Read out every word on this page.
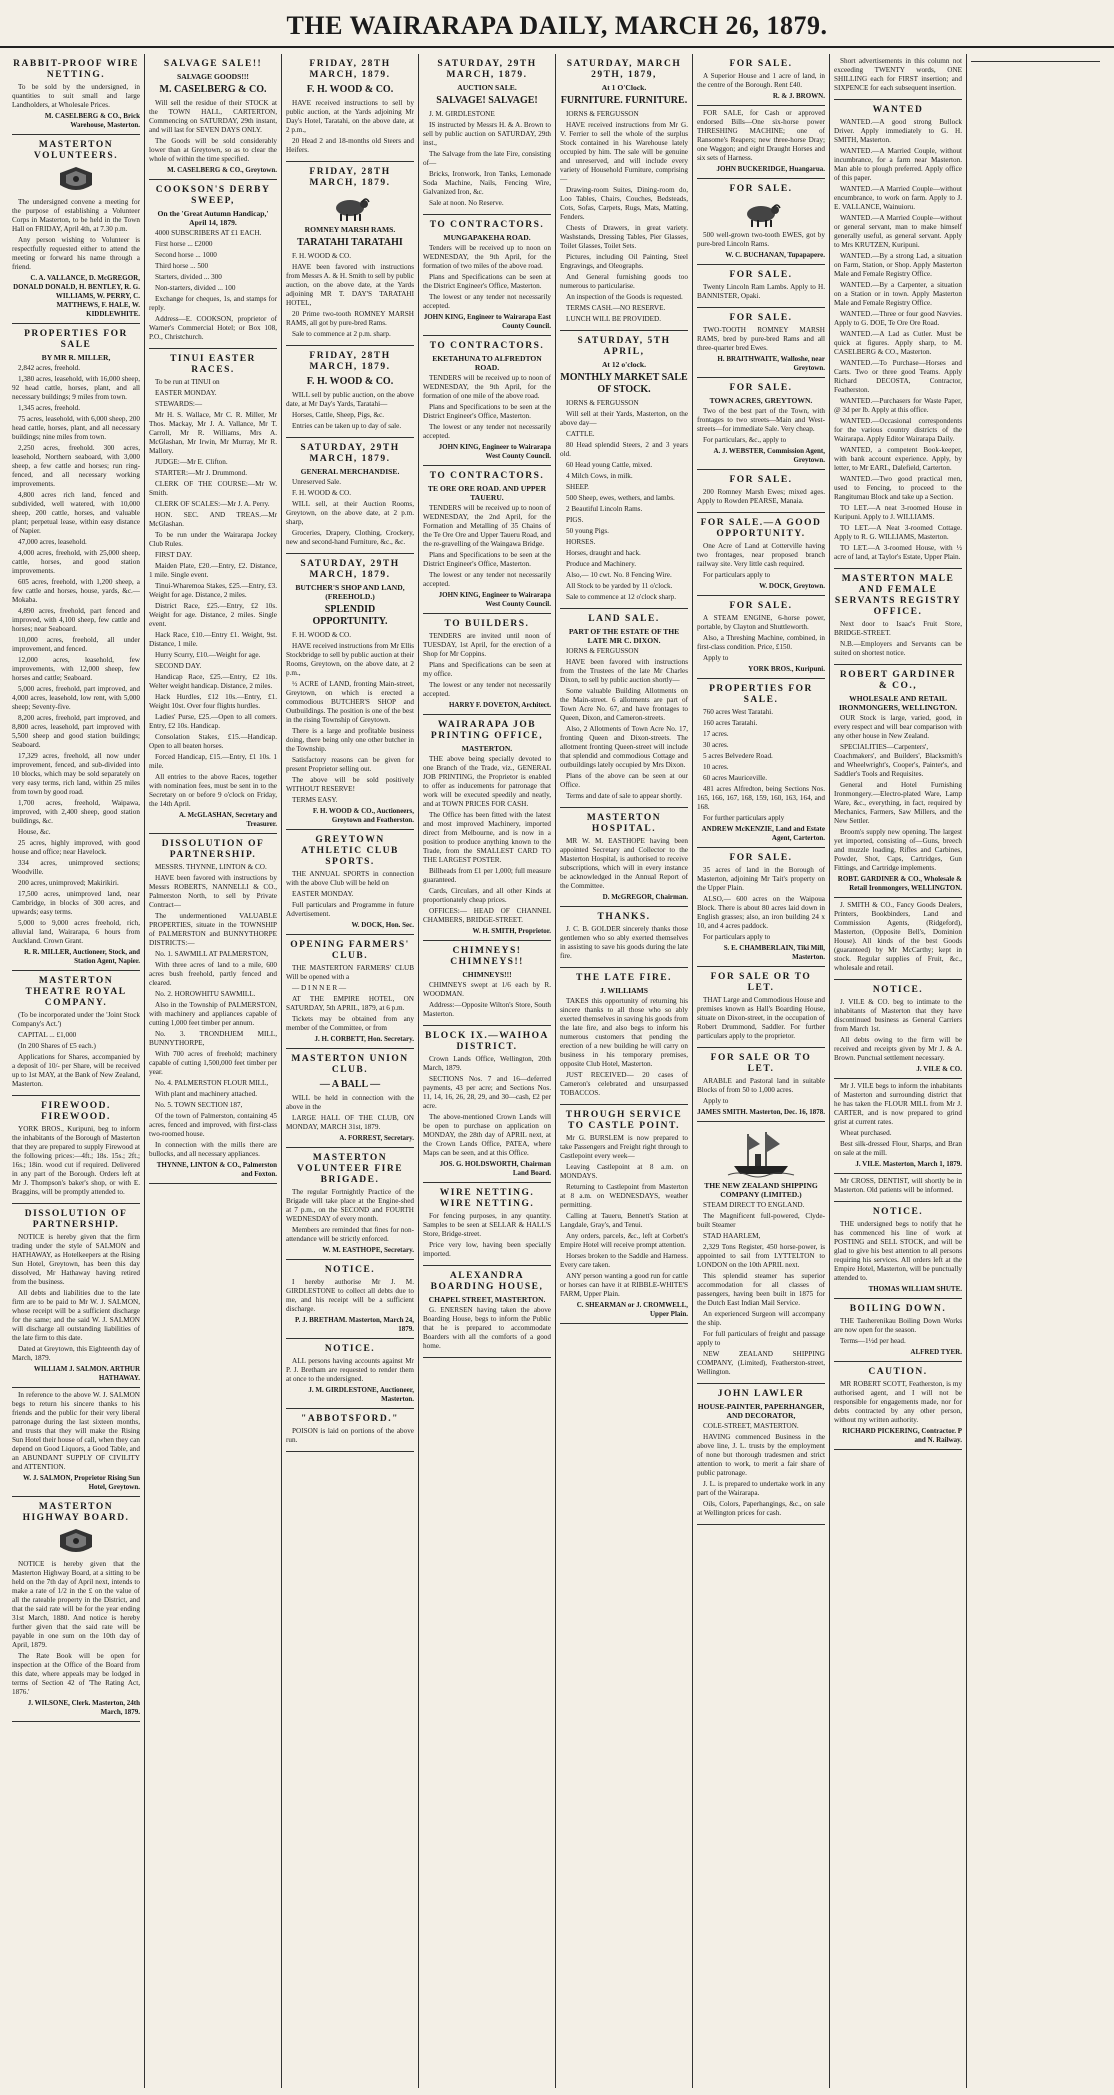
THE WAIRARAPA DAILY, MARCH 26, 1879.
RABBIT-PROOF WIRE NETTING.

To be sold by the undersigned, in quantities to suit small and large Landholders, at Wholesale Prices.

M. CASELBERG & CO., Brick Warehouse, Masterton.
MASTERTON VOLUNTEERS.

The undersigned convene a meeting for the purpose of establishing a Volunteer Corps in Masterton, to be held in the Town Hall on FRIDAY, April 4th, at 7.30 p.m.

Any person wishing to Volunteer is respectfully requested either to attend the meeting or forward his name through a friend.

C. A. VALLANCE, D. McGREGOR, DONALD DONALD, H. BENTLEY, R. G. WILLIAMS, W. PERRY, C. MATTHEWS, F. HALE, W. KIDDLEWHITE.
PROPERTIES FOR SALE
BY MR R. MILLER,

2,842 acres, freehold.

1,380 acres, leasehold, with 16,000 sheep, 92 head cattle, horses, plant, and all necessary buildings; 9 miles from town.

1,345 acres, freehold.

75 acres, leasehold, with 6,000 sheep, 200 head cattle, horses, plant, and all necessary buildings; nine miles from town.

2,250 acres, freehold. 300 acres, leasehold, Northern seaboard, with 3,000 sheep, a few cattle and horses; run ring-fenced, and all necessary working improvements.

4,800 acres rich land, fenced and subdivided, well watered, with 10,000 sheep, 200 cattle, horses, and valuable plant; perpetual lease, within easy distance of Napier.

47,000 acres, leasehold.

4,000 acres, freehold, with 25,000 sheep, cattle, horses, and good station improvements.

605 acres, freehold, with 1,200 sheep, a few cattle and horses, house, yards, &c.—Mokaba.

4,890 acres, freehold, part fenced and improved, with 4,100 sheep, few cattle and horses; near Seaboard.

10,000 acres, freehold, all under improvement, and fenced.

12,000 acres, leasehold, few improvements, with 12,000 sheep, few horses and cattle; Seaboard.

5,000 acres, freehold, part improved, and 4,000 acres, leasehold, low rent, with 5,000 sheep; Seventy-five.

8,200 acres, freehold, part improved, and 8,800 acres, leasehold, part improved with 5,500 sheep and good station buildings; Seaboard.

17,329 acres, freehold, all now under improvement, fenced, and sub-divided into 10 blocks, which may be sold separately on very easy terms, rich land, within 25 miles from town by good road.

1,700 acres, freehold, Waipawa, improved, with 2,400 sheep, good station buildings, &c.

House, &c.

25 acres, highly improved, with good house and office; near Havelock.

334 acres, unimproved sections; Woodville.

200 acres, unimproved; Makirikiri.

17,500 acres, unimproved land, near Cambridge, in blocks of 300 acres, and upwards; easy terms.

5,000 to 9,000 acres freehold, rich, alluvial land, Wairarapa, 6 hours from Auckland. Crown Grant.

R. R. MILLER, Auctioneer, Stock, and Station Agent, Napier.
MASTERTON THEATRE ROYAL COMPANY.

(To be incorporated under the 'Joint Stock Company's Act.')

CAPITAL ... £1,000

(In 200 Shares of £5 each.)

Applications for Shares, accompanied by a deposit of 10/- per Share, will be received up to 1st MAY, at the Bank of New Zealand, Masterton.

FIREWOOD. FIREWOOD.

YORK BROS., Kuripuni, beg to inform the inhabitants of the Borough of Masterton that they are prepared to supply Firewood at the following prices:—4ft.; 18s. 15s.; 2ft.; 16s.; 18in. wood cut if required. Delivered in any part of the Borough. Orders left at Mr J. Thompson's baker's shop, or with E. Braggins, will be promptly attended to.

DISSOLUTION OF PARTNERSHIP.

NOTICE is hereby given that the firm trading under the style of SALMON and HATHAWAY, as Hotelkeepers at the Rising Sun Hotel, Greytown, has been this day dissolved, Mr Hathaway having retired from the business.

All debts and liabilities due to the late firm are to be paid to Mr W. J. SALMON, whose receipt will be a sufficient discharge for the same; and the said W. J. SALMON will discharge all outstanding liabilities of the late firm to this date.

Dated at Greytown, this Eighteenth day of March, 1879.

WILLIAM J. SALMON. ARTHUR HATHAWAY.

In reference to the above W. J. SALMON begs to return his sincere thanks to his friends and the public for their very liberal patronage during the last sixteen months, and trusts that they will make the Rising Sun Hotel their house of call, when they can depend on Good Liquors, a Good Table, and an ABUNDANT SUPPLY OF CIVILITY and ATTENTION.

W. J. SALMON, Proprietor Rising Sun Hotel, Greytown.
MASTERTON HIGHWAY BOARD.

NOTICE is hereby given that the Masterton Highway Board, at a sitting to be held on the 7th day of April next, intends to make a rate of 1/2 in the £ on the value of all the rateable property in the District, and that the said rate will be for the year ending 31st March, 1880. And notice is hereby further given that the said rate will be payable in one sum on the 10th day of April, 1879.

The Rate Book will be open for inspection at the Office of the Board from this date, where appeals may be lodged in terms of Section 42 of 'The Rating Act, 1876.'

J. WILSONE, Clerk. Masterton, 24th March, 1879.
SALVAGE SALE!!
SALVAGE GOODS!!!
M. CASELBERG & CO.

Will sell the residue of their STOCK at the TOWN HALL, CARTERTON, Commencing on SATURDAY, 29th instant, and will last for SEVEN DAYS ONLY.

The Goods will be sold considerably lower than at Greytown, so as to clear the whole of within the time specified.

M. CASELBERG & CO., Greytown.
COOKSON'S DERBY SWEEP,
On the 'Great Autumn Handicap,' April 14, 1879.

4000 SUBSCRIBERS AT £1 EACH.

First horse ... £2000

Second horse ... 1000

Third horse ... 500

Starters, divided ... 300

Non-starters, divided ... 100

Exchange for cheques, 1s, and stamps for reply.

Address—E. COOKSON, proprietor of Warner's Commercial Hotel; or Box 108, P.O., Christchurch.

TINUI EASTER RACES.

To be run at TINUI on

EASTER MONDAY.

STEWARDS:—

Mr H. S. Wallace, Mr C. R. Miller, Mr Thos. Mackay, Mr J. A. Vallance, Mr T. Carroll, Mr R. Williams, Mrs A. McGlashan, Mr Irwin, Mr Murray, Mr R. Mallory.

JUDGE:—Mr E. Clifton.

STARTER:—Mr J. Drummond.

CLERK OF THE COURSE:—Mr W. Smith.

CLERK OF SCALES:—Mr J. A. Perry.

HON. SEC. AND TREAS.—Mr McGlashan.

To be run under the Wairarapa Jockey Club Rules.

FIRST DAY.

Maiden Plate, £20.—Entry, £2. Distance, 1 mile. Single event.

Tinui-Wharemoa Stakes, £25.—Entry, £3. Weight for age. Distance, 2 miles.

District Race, £25.—Entry, £2 10s. Weight for age. Distance, 2 miles. Single event.

Hack Race, £10.—Entry £1. Weight, 9st. Distance, 1 mile.

Hurry Scurry, £10.—Weight for age.

SECOND DAY.

Handicap Race, £25.—Entry, £2 10s. Welter weight handicap. Distance, 2 miles.

Hack Hurdles, £12 10s.—Entry, £1. Weight 10st. Over four flights hurdles.

Ladies' Purse, £25.—Open to all comers. Entry, £2 10s. Handicap.

Consolation Stakes, £15.—Handicap. Open to all beaten horses.

Forced Handicap, £15.—Entry, £1 10s. 1 mile.

All entries to the above Races, together with nomination fees, must be sent in to the Secretary on or before 9 o'clock on Friday, the 14th April.

A. McGLASHAN, Secretary and Treasurer.
DISSOLUTION OF PARTNERSHIP.

MESSRS. THYNNE, LINTON & CO.

HAVE been favored with instructions by Messrs ROBERTS, NANNELLI & CO., Palmerston North, to sell by Private Contract—

The undermentioned VALUABLE PROPERTIES, situate in the TOWNSHIP of PALMERSTON and BUNNYTHORPE DISTRICTS:—

No. 1. SAWMILL AT PALMERSTON,

With three acres of land to a mile, 600 acres bush freehold, partly fenced and cleared.

No. 2. HOROWHITU SAWMILL.

Also in the Township of PALMERSTON, with machinery and appliances capable of cutting 1,000 feet timber per annum.

No. 3. TRONDHJEM MILL, BUNNYTHORPE,

With 700 acres of freehold; machinery capable of cutting 1,500,000 feet timber per year.

No. 4. PALMERSTON FLOUR MILL,

With plant and machinery attached.

No. 5. TOWN SECTION 187,

Of the town of Palmerston, containing 45 acres, fenced and improved, with first-class two-roomed house.

In connection with the mills there are bullocks, and all necessary appliances.

THYNNE, LINTON & CO., Palmerston and Foxton.
FRIDAY, 28TH MARCH, 1879.
F. H. WOOD & CO.

HAVE received instructions to sell by public auction, at the Yards adjoining Mr Day's Hotel, Taratahi, on the above date, at 2 p.m.,

20 Head 2 and 18-months old Steers and Heifers.

FRIDAY, 28TH MARCH, 1879.
ROMNEY MARSH RAMS.
TARATAHI TARATAHI

F. H. WOOD & CO.

HAVE been favored with instructions from Messrs A. & H. Smith to sell by public auction, on the above date, at the Yards adjoining MR T. DAY'S TARATAHI HOTEL,

20 Prime two-tooth ROMNEY MARSH RAMS, all got by pure-bred Rams.

Sale to commence at 2 p.m. sharp.

FRIDAY, 28TH MARCH, 1879.
F. H. WOOD & CO.

WILL sell by public auction, on the above date, at Mr Day's Yards, Taratahi—

Horses, Cattle, Sheep, Pigs, &c.

Entries can be taken up to day of sale.

SATURDAY, 29TH MARCH, 1879.
GENERAL MERCHANDISE.

Unreserved Sale.

F. H. WOOD & CO.

WILL sell, at their Auction Rooms, Greytown, on the above date, at 2 p.m. sharp,

Groceries, Drapery, Clothing, Crockery, new and second-hand Furniture, &c., &c.

SATURDAY, 29TH MARCH, 1879.
BUTCHER'S SHOP AND LAND, (FREEHOLD.)
SPLENDID OPPORTUNITY.

F. H. WOOD & CO.

HAVE received instructions from Mr Ellis Stockbridge to sell by public auction at their Rooms, Greytown, on the above date, at 2 p.m.,

½ ACRE of LAND, fronting Main-street, Greytown, on which is erected a commodious BUTCHER'S SHOP and Outbuildings. The position is one of the best in the rising Township of Greytown.

There is a large and profitable business doing, there being only one other butcher in the Township.

Satisfactory reasons can be given for present Proprietor selling out.

The above will be sold positively WITHOUT RESERVE!

TERMS EASY.

F. H. WOOD & CO., Auctioneers, Greytown and Featherston.
GREYTOWN ATHLETIC CLUB SPORTS.

THE ANNUAL SPORTS in connection with the above Club will be held on

EASTER MONDAY.

Full particulars and Programme in future Advertisement.

W. DOCK, Hon. Sec.
OPENING FARMERS' CLUB.

THE MASTERTON FARMERS' CLUB Will be opened with a

— D I N N E R —

AT THE EMPIRE HOTEL, ON SATURDAY, 5th APRIL, 1879, at 6 p.m.

Tickets may be obtained from any member of the Committee, or from

J. H. CORBETT, Hon. Secretary.
MASTERTON UNION CLUB.
— A BALL —

WILL be held in connection with the above in the

LARGE HALL OF THE CLUB, ON MONDAY, MARCH 31st, 1879.

A. FORREST, Secretary.
MASTERTON VOLUNTEER FIRE BRIGADE.

The regular Fortnightly Practice of the Brigade will take place at the Engine-shed at 7 p.m., on the SECOND and FOURTH WEDNESDAY of every month.

Members are reminded that fines for non-attendance will be strictly enforced.

W. M. EASTHOPE, Secretary.
NOTICE.

I hereby authorise Mr J. M. GIRDLESTONE to collect all debts due to me, and his receipt will be a sufficient discharge.

P. J. BRETHAM. Masterton, March 24, 1879.
NOTICE.

ALL persons having accounts against Mr P. J. Bretham are requested to render them at once to the undersigned.

J. M. GIRDLESTONE, Auctioneer, Masterton.
"ABBOTSFORD."

POISON is laid on portions of the above run.

SATURDAY, 29TH MARCH, 1879.
AUCTION SALE.
SALVAGE! SALVAGE!

J. M. GIRDLESTONE

IS instructed by Messrs H. & A. Brown to sell by public auction on SATURDAY, 29th inst.,

The Salvage from the late Fire, consisting of—

Bricks, Ironwork, Iron Tanks, Lemonade Soda Machine, Nails, Fencing Wire, Galvanized Iron, &c.

Sale at noon. No Reserve.

TO CONTRACTORS.
MUNGAPAKEHA ROAD.

Tenders will be received up to noon on WEDNESDAY, the 9th April, for the formation of two miles of the above road.

Plans and Specifications can be seen at the District Engineer's Office, Masterton.

The lowest or any tender not necessarily accepted.

JOHN KING, Engineer to Wairarapa East County Council.
TO CONTRACTORS.
EKETAHUNA TO ALFREDTON ROAD.

TENDERS will be received up to noon of WEDNESDAY, the 9th April, for the formation of one mile of the above road.

Plans and Specifications to be seen at the District Engineer's Office, Masterton.

The lowest or any tender not necessarily accepted.

JOHN KING, Engineer to Wairarapa West County Council.
TO CONTRACTORS.
TE ORE ORE ROAD. AND UPPER TAUERU.

TENDERS will be received up to noon of WEDNESDAY, the 2nd April, for the Formation and Metalling of 35 Chains of the Te Ore Ore and Upper Taueru Road, and the re-gravelling of the Waingawa Bridge.

Plans and Specifications to be seen at the District Engineer's Office, Masterton.

The lowest or any tender not necessarily accepted.

JOHN KING, Engineer to Wairarapa West County Council.
TO BUILDERS.

TENDERS are invited until noon of TUESDAY, 1st April, for the erection of a Shop for Mr Coppins.

Plans and Specifications can be seen at my office.

The lowest or any tender not necessarily accepted.

HARRY F. DOVETON, Architect.
WAIRARAPA JOB PRINTING OFFICE,
MASTERTON.

THE above being specially devoted to one Branch of the Trade, viz., GENERAL JOB PRINTING, the Proprietor is enabled to offer as inducements for patronage that work will be executed speedily and neatly, and at TOWN PRICES FOR CASH.

The Office has been fitted with the latest and most improved Machinery, imported direct from Melbourne, and is now in a position to produce anything known to the Trade, from the SMALLEST CARD TO THE LARGEST POSTER.

Billheads from £1 per 1,000; full measure guaranteed.

Cards, Circulars, and all other Kinds at proportionately cheap prices.

OFFICES:— HEAD OF CHANNEL CHAMBERS, BRIDGE-STREET.

W. H. SMITH, Proprietor.
CHIMNEYS! CHIMNEYS!!
CHIMNEYS!!!

CHIMNEYS swept at 1/6 each by R. WOODMAN.

Address:—Opposite Wilton's Store, South Masterton.

BLOCK IX.—WAIHOA DISTRICT.

Crown Lands Office, Wellington, 20th March, 1879.

SECTIONS Nos. 7 and 16—deferred payments, 43 per acre; and Sections Nos. 11, 14, 16, 26, 28, 29, and 30—cash, £2 per acre.

The above-mentioned Crown Lands will be open to purchase on application on MONDAY, the 28th day of APRIL next, at the Crown Lands Office, PATEA, where Maps can be seen, and at this Office.

JOS. G. HOLDSWORTH, Chairman Land Board.
WIRE NETTING. WIRE NETTING.

For fencing purposes, in any quantity. Samples to be seen at SELLAR & HALL'S Store, Bridge-street.

Price very low, having been specially imported.

ALEXANDRA BOARDING HOUSE,
CHAPEL STREET, MASTERTON.

G. ENERSEN having taken the above Boarding House, begs to inform the Public that he is prepared to accommodate Boarders with all the comforts of a good home.

SATURDAY, MARCH 29TH, 1879,
At 1 O'Clock.
FURNITURE. FURNITURE.

IORNS & FERGUSSON

HAVE received instructions from Mr G. V. Ferrier to sell the whole of the surplus Stock contained in his Warehouse lately occupied by him. The sale will be genuine and unreserved, and will include every variety of Household Furniture, comprising—

Drawing-room Suites, Dining-room do, Loo Tables, Chairs, Couches, Bedsteads, Cots, Sofas, Carpets, Rugs, Mats, Matting, Fenders.

Chests of Drawers, in great variety. Washstands, Dressing Tables, Pier Glasses, Toilet Glasses, Toilet Sets.

Pictures, including Oil Painting, Steel Engravings, and Oleographs.

And General furnishing goods too numerous to particularise.

An inspection of the Goods is requested.

TERMS CASH.—NO RESERVE.

LUNCH WILL BE PROVIDED.

SATURDAY, 5TH APRIL,
At 12 o'clock.
MONTHLY MARKET SALE OF STOCK.

IORNS & FERGUSSON

Will sell at their Yards, Masterton, on the above day—

CATTLE.

80 Head splendid Steers, 2 and 3 years old.

60 Head young Cattle, mixed.

4 Milch Cows, in milk.

SHEEP.

500 Sheep, ewes, wethers, and lambs.

2 Beautiful Lincoln Rams.

PIGS.

50 young Pigs.

HORSES.

Horses, draught and hack.

Produce and Machinery.

Also,— 10 cwt. No. 8 Fencing Wire.

All Stock to be yarded by 11 o'clock.

Sale to commence at 12 o'clock sharp.

LAND SALE.
PART OF THE ESTATE OF THE LATE MR C. DIXON.

IORNS & FERGUSSON

HAVE been favored with instructions from the Trustees of the late Mr Charles Dixon, to sell by public auction shortly—

Some valuable Building Allotments on the Main-street. 6 allotments are part of Town Acre No. 67, and have frontages to Queen, Dixon, and Cameron-streets.

Also, 2 Allotments of Town Acre No. 17, fronting Queen and Dixon-streets. The allotment fronting Queen-street will include that splendid and commodious Cottage and outbuildings lately occupied by Mrs Dixon.

Plans of the above can be seen at our Office.

Terms and date of sale to appear shortly.

MASTERTON HOSPITAL.

MR W. M. EASTHOPE having been appointed Secretary and Collector to the Masterton Hospital, is authorised to receive subscriptions, which will in every instance be acknowledged in the Annual Report of the Committee.

D. McGREGOR, Chairman.
THANKS.

J. C. B. GOLDER sincerely thanks those gentlemen who so ably exerted themselves in assisting to save his goods during the late fire.

THE LATE FIRE.
J. WILLIAMS

TAKES this opportunity of returning his sincere thanks to all those who so ably exerted themselves in saving his goods from the late fire, and also begs to inform his numerous customers that pending the erection of a new building he will carry on business in his temporary premises, opposite Club Hotel, Masterton.

JUST RECEIVED— 20 cases of Cameron's celebrated and unsurpassed TOBACCOS.

THROUGH SERVICE TO CASTLE POINT.

Mr G. BURSLEM is now prepared to take Passengers and Freight right through to Castlepoint every week—

Leaving Castlepoint at 8 a.m. on MONDAYS.

Returning to Castlepoint from Masterton at 8 a.m. on WEDNESDAYS, weather permitting.

Calling at Taueru, Bennett's Station at Langdale, Gray's, and Tenui.

Any orders, parcels, &c., left at Corbett's Empire Hotel will receive prompt attention.

Horses broken to the Saddle and Harness. Every care taken.

ANY person wanting a good run for cattle or horses can have it at RIBBLE-WHITE'S FARM, Upper Plain.

C. SHEARMAN or J. CROMWELL, Upper Plain.
FOR SALE.

A Superior House and 1 acre of land, in the centre of the Borough. Rent £40.

R. & J. BROWN.

FOR SALE, for Cash or approved endorsed Bills—One six-horse power THRESHING MACHINE; one of Ransome's Reapers; new three-horse Dray; one Waggon; and eight Draught Horses and six sets of Harness.

JOHN BUCKERIDGE, Huangarua.
FOR SALE.

500 well-grown two-tooth EWES, got by pure-bred Lincoln Rams.

W. C. BUCHANAN, Tupapapere.
FOR SALE.

Twenty Lincoln Ram Lambs. Apply to H. BANNISTER, Opaki.

FOR SALE.

TWO-TOOTH ROMNEY MARSH RAMS, bred by pure-bred Rams and all three-quarter bred Ewes.

H. BRAITHWAITE, Walloshe, near Greytown.
FOR SALE.
TOWN ACRES, GREYTOWN.

Two of the best part of the Town, with frontages to two streets—Main and West-streets—for immediate Sale. Very cheap.

For particulars, &c., apply to

A. J. WEBSTER, Commission Agent, Greytown.
FOR SALE.

200 Romney Marsh Ewes; mixed ages. Apply to Rowden PEARSE, Manaia.

FOR SALE.—A GOOD OPPORTUNITY.

One Acre of Land at Cotterville having two frontages, near proposed branch railway site. Very little cash required.

For particulars apply to

W. DOCK, Greytown.
FOR SALE.

A STEAM ENGINE, 6-horse power, portable, by Clayton and Shuttleworth.

Also, a Threshing Machine, combined, in first-class condition. Price, £150.

Apply to

YORK BROS., Kuripuni.
PROPERTIES FOR SALE.

760 acres West Taratahi.

160 acres Taratahi.

17 acres.

30 acres.

5 acres Belvedere Road.

10 acres.

60 acres Mauriceville.

481 acres Alfredton, being Sections Nos. 165, 166, 167, 168, 159, 160, 163, 164, and 168.

For further particulars apply

ANDREW McKENZIE, Land and Estate Agent, Carterton.
FOR SALE.

35 acres of land in the Borough of Masterton, adjoining Mr Tait's property on the Upper Plain.

ALSO,— 600 acres on the Waipoua Block. There is about 80 acres laid down in English grasses; also, an iron building 24 x 10, and 4 acres paddock.

For particulars apply to

S. E. CHAMBERLAIN, Tiki Mill, Masterton.
FOR SALE OR TO LET.

THAT Large and Commodious House and premises known as Hall's Boarding House, situate on Dixon-street, in the occupation of Robert Drummond, Saddler. For further particulars apply to the proprietor.

FOR SALE OR TO LET.

ARABLE and Pastoral land in suitable Blocks of from 50 to 1,000 acres.

Apply to

JAMES SMITH. Masterton, Dec. 16, 1878.
THE NEW ZEALAND SHIPPING COMPANY (LIMITED.)

STEAM DIRECT TO ENGLAND.

The Magnificent full-powered, Clyde-built Steamer

STAD HAARLEM,

2,329 Tons Register, 450 horse-power, is appointed to sail from LYTTELTON to LONDON on the 10th APRIL next.

This splendid steamer has superior accommodation for all classes of passengers, having been built in 1875 for the Dutch East Indian Mail Service.

An experienced Surgeon will accompany the ship.

For full particulars of freight and passage apply to

NEW ZEALAND SHIPPING COMPANY, (Limited), Featherston-street, Wellington.

JOHN LAWLER
HOUSE-PAINTER, PAPERHANGER, AND DECORATOR,

COLE-STREET, MASTERTON.

HAVING commenced Business in the above line, J. L. trusts by the employment of none but thorough tradesmen and strict attention to work, to merit a fair share of public patronage.

J. L. is prepared to undertake work in any part of the Wairarapa.

Oils, Colors, Paperhangings, &c., on sale at Wellington prices for cash.

Short advertisements in this column not exceeding TWENTY words, ONE SHILLING each for FIRST insertion; and SIXPENCE for each subsequent insertion.

WANTED

WANTED.—A good strong Bullock Driver. Apply immediately to G. H. SMITH, Masterton.

WANTED.—A Married Couple, without incumbrance, for a farm near Masterton. Man able to plough preferred. Apply office of this paper.

WANTED.—A Married Couple—without encumbrance, to work on farm. Apply to J. E. VALLANCE, Wainuioru.

WANTED.—A Married Couple—without or general servant, man to make himself generally useful, as general servant. Apply to Mrs KRUTZEN, Kuripuni.

WANTED.—By a strong Lad, a situation on Farm, Station, or Shop. Apply Masterton Male and Female Registry Office.

WANTED.—By a Carpenter, a situation on a Station or in town. Apply Masterton Male and Female Registry Office.

WANTED.—Three or four good Navvies. Apply to G. DOE, Te Ore Ore Road.

WANTED.—A Lad as Cutler. Must be quick at figures. Apply sharp, to M. CASELBERG & CO., Masterton.

WANTED.—To Purchase—Horses and Carts. Two or three good Teams. Apply Richard DECOSTA, Contractor, Featherston.

WANTED.—Purchasers for Waste Paper, @ 3d per lb. Apply at this office.

WANTED.—Occasional correspondents for the various country districts of the Wairarapa. Apply Editor Wairarapa Daily.

WANTED, a competent Book-keeper, with bank account experience. Apply, by letter, to Mr EARL, Dalefield, Carterton.

WANTED.—Two good practical men, used to Fencing, to proceed to the Rangitumau Block and take up a Section.

TO LET.—A neat 3-roomed House in Kuripuni. Apply to J. WILLIAMS.

TO LET.—A Neat 3-roomed Cottage. Apply to R. G. WILLIAMS, Masterton.

TO LET.—A 3-roomed House, with ½ acre of land, at Taylor's Estate, Upper Plain.

MASTERTON MALE AND FEMALE SERVANTS REGISTRY OFFICE.

Next door to Isaac's Fruit Store, BRIDGE-STREET.

N.B.—Employers and Servants can be suited on shortest notice.

ROBERT GARDINER & CO.,
WHOLESALE AND RETAIL IRONMONGERS, WELLINGTON.

OUR Stock is large, varied, good, in every respect and will bear comparison with any other house in New Zealand.

SPECIALITIES—Carpenters', Coachmakers', and Builders', Blacksmith's and Wheelwright's, Cooper's, Painter's, and Saddler's Tools and Requisites.

General and Hotel Furnishing Ironmongery.—Electro-plated Ware, Lamp Ware, &c., everything, in fact, required by Mechanics, Farmers, Saw Millers, and the New Settler.

Broom's supply new opening. The largest yet imported, consisting of—Guns, breech and muzzle loading, Rifles and Carbines, Powder, Shot, Caps, Cartridges, Gun Fittings, and Cartridge implements.

ROBT. GARDINER & CO., Wholesale & Retail Ironmongers, WELLINGTON.

J. SMITH & CO., Fancy Goods Dealers, Printers, Bookbinders, Land and Commission Agents, (Ridgeford), Masterton, (Opposite Bell's, Dominion House). All kinds of the best Goods (guaranteed) by Mr McCarthy; kept in stock. Regular supplies of Fruit, &c., wholesale and retail.

NOTICE.

J. VILE & CO. beg to intimate to the inhabitants of Masterton that they have discontinued business as General Carriers from March 1st.

All debts owing to the firm will be received and receipts given by Mr J. & A. Brown. Punctual settlement necessary.

J. VILE & CO.

Mr J. VILE begs to inform the inhabitants of Masterton and surrounding district that he has taken the FLOUR MILL from Mr J. CARTER, and is now prepared to grind grist at current rates.

Wheat purchased.

Best silk-dressed Flour, Sharps, and Bran on sale at the mill.

J. VILE. Masterton, March 1, 1879.

Mr CROSS, DENTIST, will shortly be in Masterton. Old patients will be informed.

NOTICE.

THE undersigned begs to notify that he has commenced his line of work at POSTING and SELL STOCK, and will be glad to give his best attention to all persons requiring his services. All orders left at the Empire Hotel, Masterton, will be punctually attended to.

THOMAS WILLIAM SHUTE.
BOILING DOWN.

THE Tauherenikau Boiling Down Works are now open for the season.

Terms—1½d per head.

ALFRED TYER.
CAUTION.

MR ROBERT SCOTT, Featherston, is my authorised agent, and I will not be responsible for engagements made, nor for debts contracted by any other person, without my written authority.

RICHARD PICKERING, Contractor. P and N. Railway.
